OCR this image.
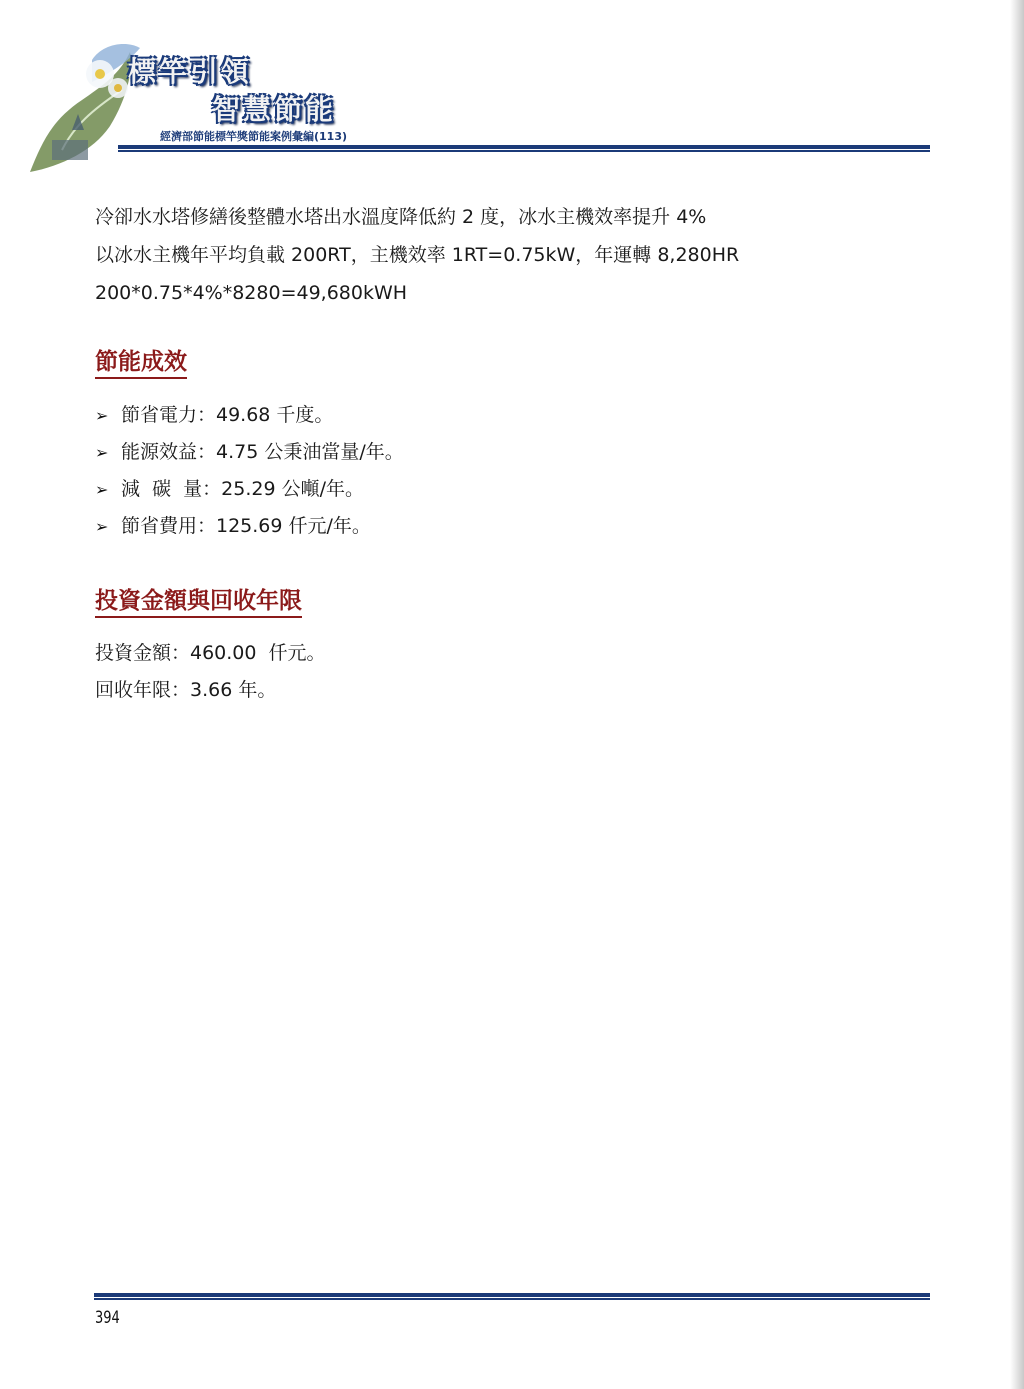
標竿引領
智慧節能
經濟部節能標竿獎節能案例彙編(113)

冷卻水水塔修繕後整體水塔出水溫度降低約 2 度，冰水主機效率提升 4%

以冰水主機年平均負載 200RT，主機效率 1RT=0.75kW，年運轉 8,280HR

200*0.75*4%*8280=49,680kWH

節能成效
➢ 節省電力：49.68 千度。
➢ 能源效益：4.75 公秉油當量/年。
➢ 減  碳  量：25.29 公噸/年。
➢ 節省費用：125.69 仟元/年。
投資金額與回收年限

投資金額：460.00  仟元。

回收年限：3.66 年。

394
